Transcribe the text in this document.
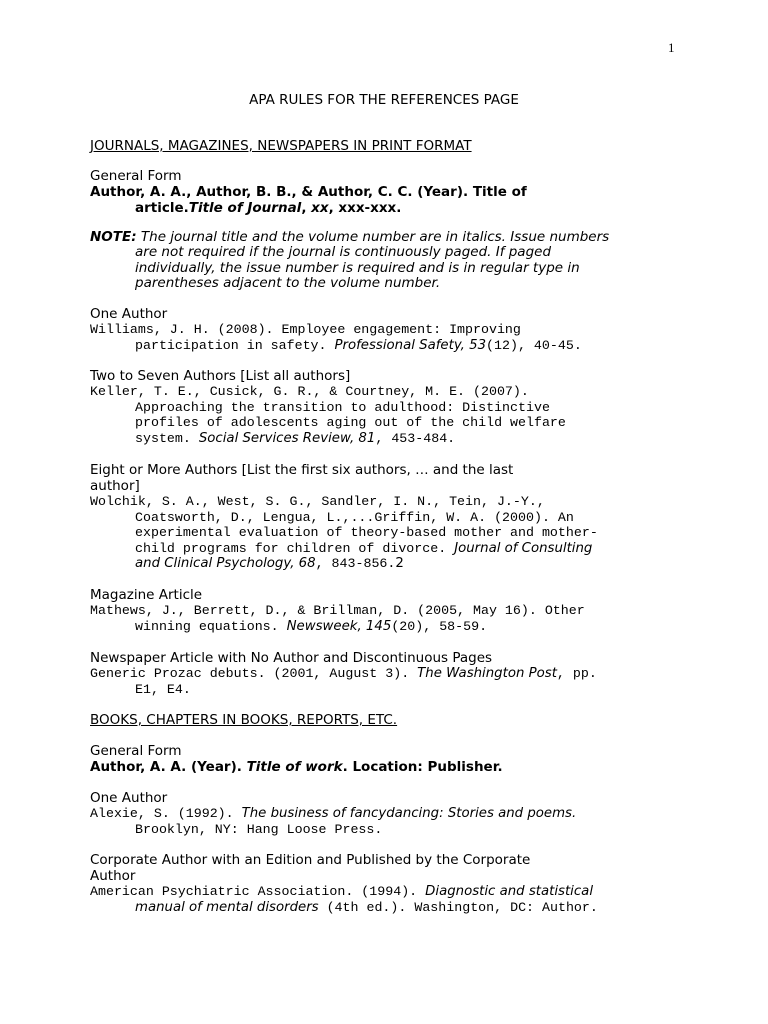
1
APA RULES FOR THE REFERENCES PAGE
JOURNALS, MAGAZINES, NEWSPAPERS IN PRINT FORMAT
General Form
Author, A. A., Author, B. B., & Author, C. C. (Year). Title of
article.Title of Journal, xx, xxx-xxx.
NOTE: The journal title and the volume number are in italics. Issue numbers
are not required if the journal is continuously paged. If paged
individually, the issue number is required and is in regular type in
parentheses adjacent to the volume number.
One Author
Williams, J. H. (2008). Employee engagement: Improving
participation in safety. Professional Safety, 53(12), 40-45.
Two to Seven Authors [List all authors]
Keller, T. E., Cusick, G. R., & Courtney, M. E. (2007).
Approaching the transition to adulthood: Distinctive
profiles of adolescents aging out of the child welfare
system. Social Services Review, 81, 453-484.
Eight or More Authors [List the first six authors, … and the last
author]
Wolchik, S. A., West, S. G., Sandler, I. N., Tein, J.-Y.,
Coatsworth, D., Lengua, L.,...Griffin, W. A. (2000). An
experimental evaluation of theory-based mother and mother-
child programs for children of divorce. Journal of Consulting
and Clinical Psychology, 68, 843-856.2
Magazine Article
Mathews, J., Berrett, D., & Brillman, D. (2005, May 16). Other
winning equations. Newsweek, 145(20), 58-59.
Newspaper Article with No Author and Discontinuous Pages
Generic Prozac debuts. (2001, August 3). The Washington Post, pp.
E1, E4.
BOOKS, CHAPTERS IN BOOKS, REPORTS, ETC.
General Form
Author, A. A. (Year). Title of work. Location: Publisher.
One Author
Alexie, S. (1992). The business of fancydancing: Stories and poems.
Brooklyn, NY: Hang Loose Press.
Corporate Author with an Edition and Published by the Corporate
Author
American Psychiatric Association. (1994). Diagnostic and statistical
manual of mental disorders (4th ed.). Washington, DC: Author.
